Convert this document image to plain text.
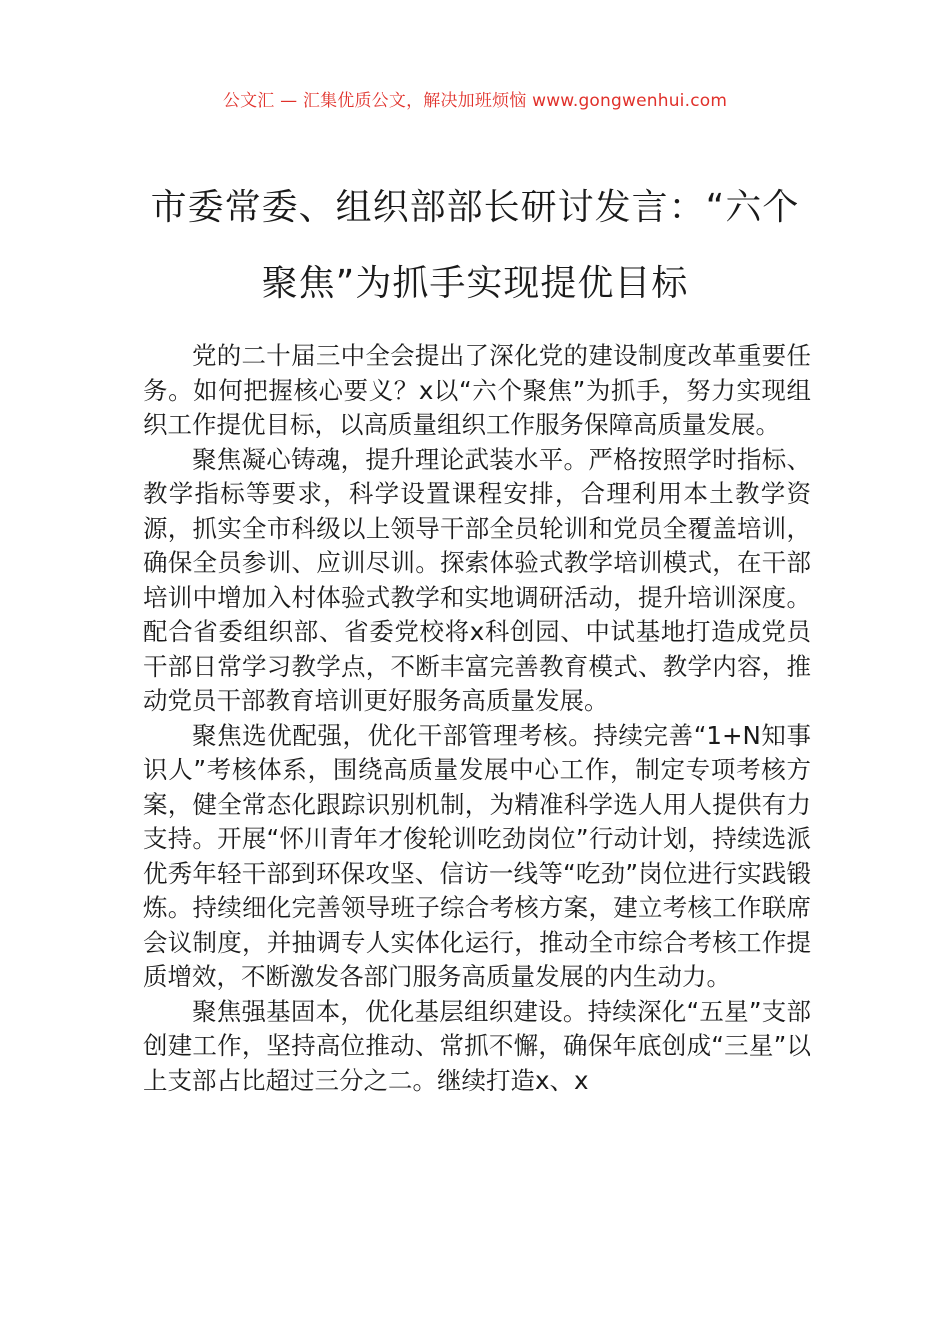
公文汇 — 汇集优质公文，解决加班烦恼 www.gongwenhui.com
市委常委、组织部部长研讨发言：“六个
聚焦”为抓手实现提优目标

党的二十届三中全会提出了深化党的建设制度改革重要任务。如何把握核心要义？x以“六个聚焦”为抓手，努力实现组织工作提优目标，以高质量组织工作服务保障高质量发展。

聚焦凝心铸魂，提升理论武装水平。严格按照学时指标、教学指标等要求，科学设置课程安排，合理利用本土教学资源，抓实全市科级以上领导干部全员轮训和党员全覆盖培训，确保全员参训、应训尽训。探索体验式教学培训模式，在干部培训中增加入村体验式教学和实地调研活动，提升培训深度。配合省委组织部、省委党校将x科创园、中试基地打造成党员干部日常学习教学点，不断丰富完善教育模式、教学内容，推动党员干部教育培训更好服务高质量发展。

聚焦选优配强，优化干部管理考核。持续完善“1+N知事识人”考核体系，围绕高质量发展中心工作，制定专项考核方案，健全常态化跟踪识别机制，为精准科学选人用人提供有力支持。开展“怀川青年才俊轮训吃劲岗位”行动计划，持续选派优秀年轻干部到环保攻坚、信访一线等“吃劲”岗位进行实践锻炼。持续细化完善领导班子综合考核方案，建立考核工作联席会议制度，并抽调专人实体化运行，推动全市综合考核工作提质增效，不断激发各部门服务高质量发展的内生动力。

聚焦强基固本，优化基层组织建设。持续深化“五星”支部创建工作，坚持高位推动、常抓不懈，确保年底创成“三星”以上支部占比超过三分之二。继续打造x、x
